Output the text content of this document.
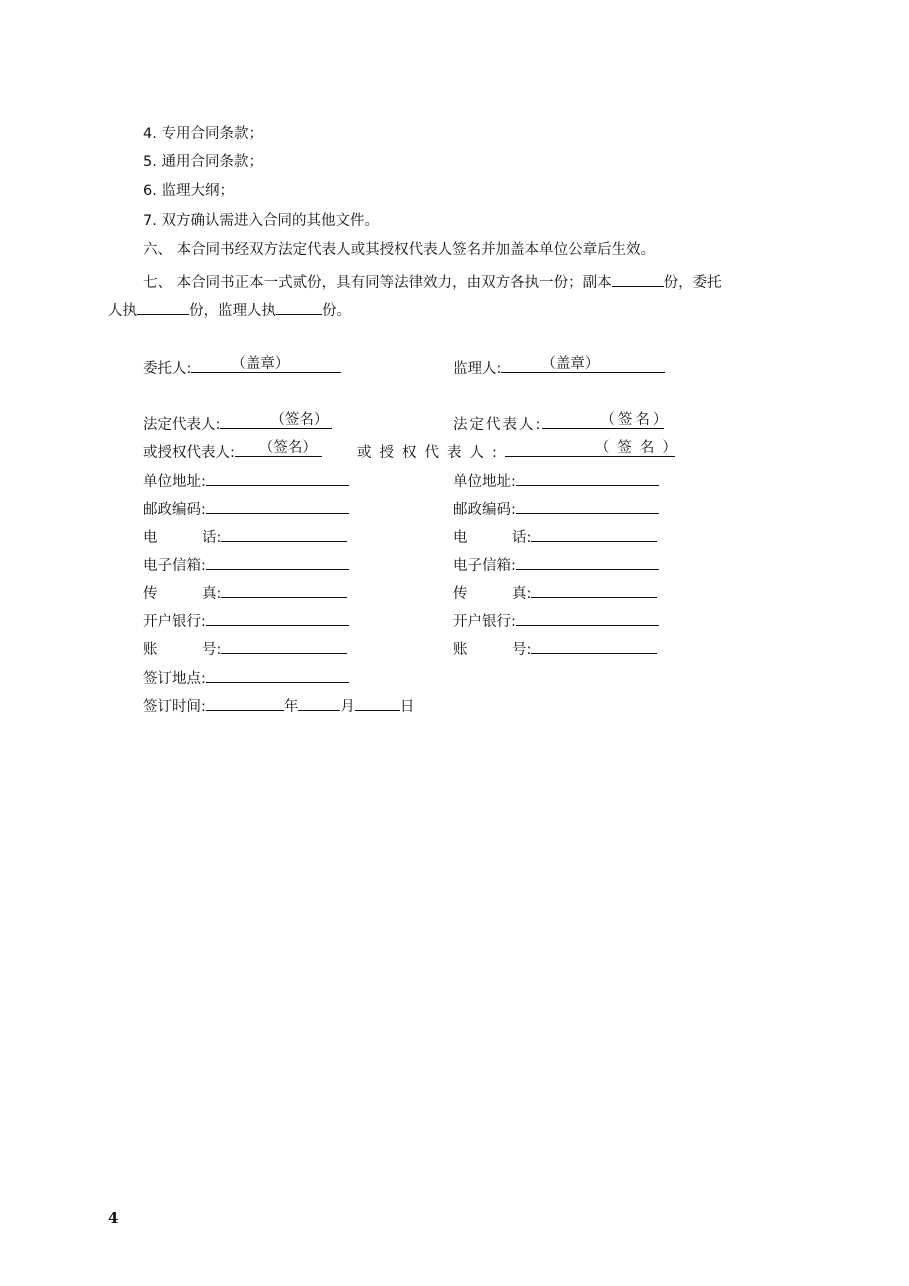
4. 专用合同条款；
5. 通用合同条款；
6. 监理大纲；
7. 双方确认需进入合同的其他文件。
六、 本合同书经双方法定代表人或其授权代表人签名并加盖本单位公章后生效。
七、 本合同书正本一式贰份，具有同等法律效力，由双方各执一份；副本	份，委托
人执	份，监理人执	份。
委托人:	（盖章）
法定代表人:	（签名）
或授权代表人: （签名）
单位地址:
邮政编码:
电	话:
电子信箱:
传	真:
开户银行:
账	号:
签订地点:
签订时间:	年	月	日
监理人:	（盖章）
法定代表人:	（签名）
或授权代表人:	（签名）
单位地址:
邮政编码:
电	话:
电子信箱:
传	真:
开户银行:
账	号:
4
